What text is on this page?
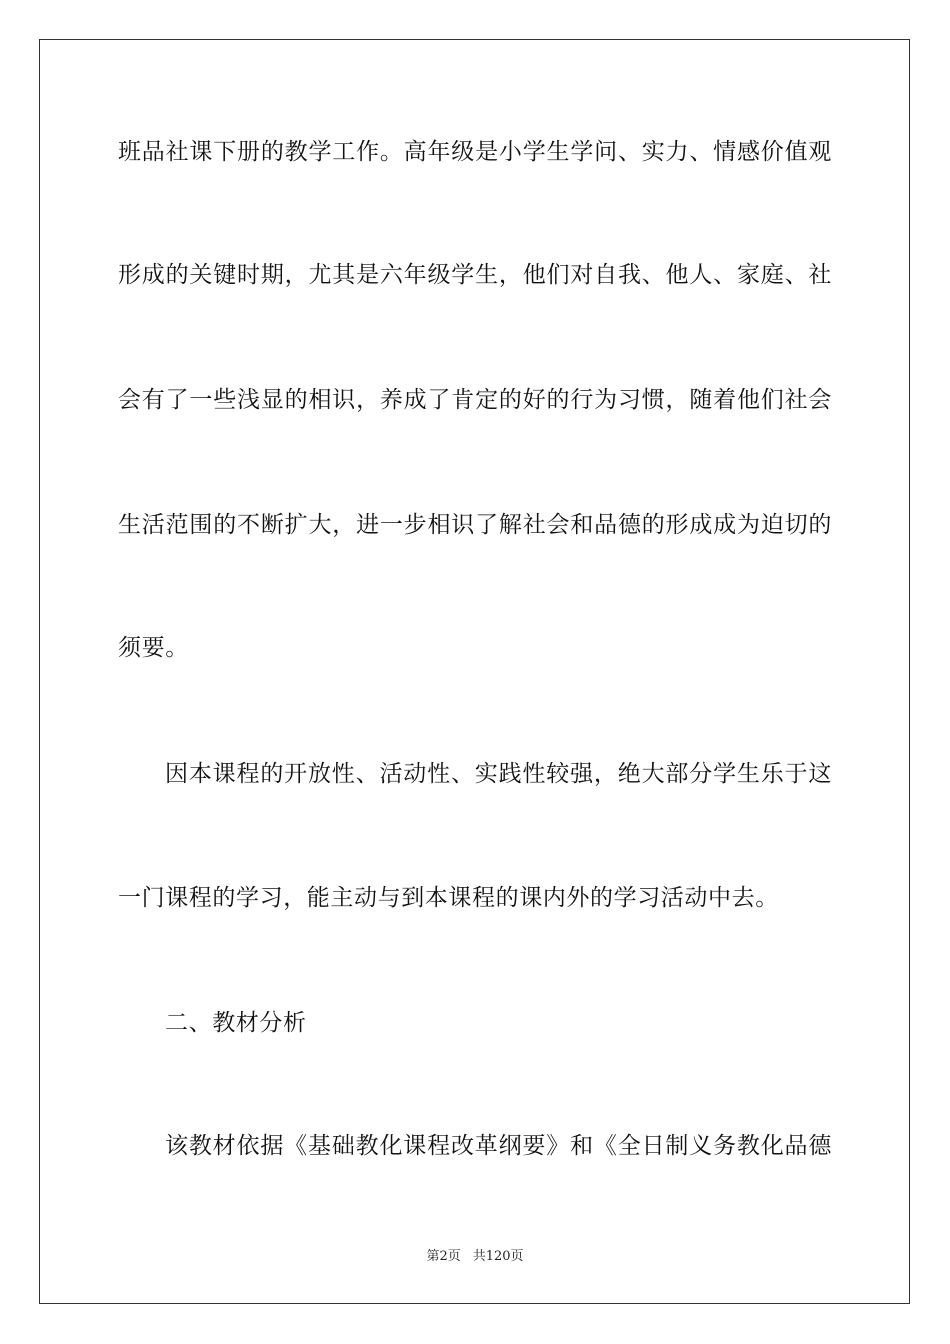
班品社课下册的教学工作。高年级是小学生学问、实力、情感价值观
形成的关键时期，尤其是六年级学生，他们对自我、他人、家庭、社
会有了一些浅显的相识，养成了肯定的好的行为习惯，随着他们社会
生活范围的不断扩大，进一步相识了解社会和品德的形成成为迫切的
须要。
因本课程的开放性、活动性、实践性较强，绝大部分学生乐于这
一门课程的学习，能主动与到本课程的课内外的学习活动中去。
二、教材分析
该教材依据《基础教化课程改革纲要》和《全日制义务教化品德
第2页 共120页
